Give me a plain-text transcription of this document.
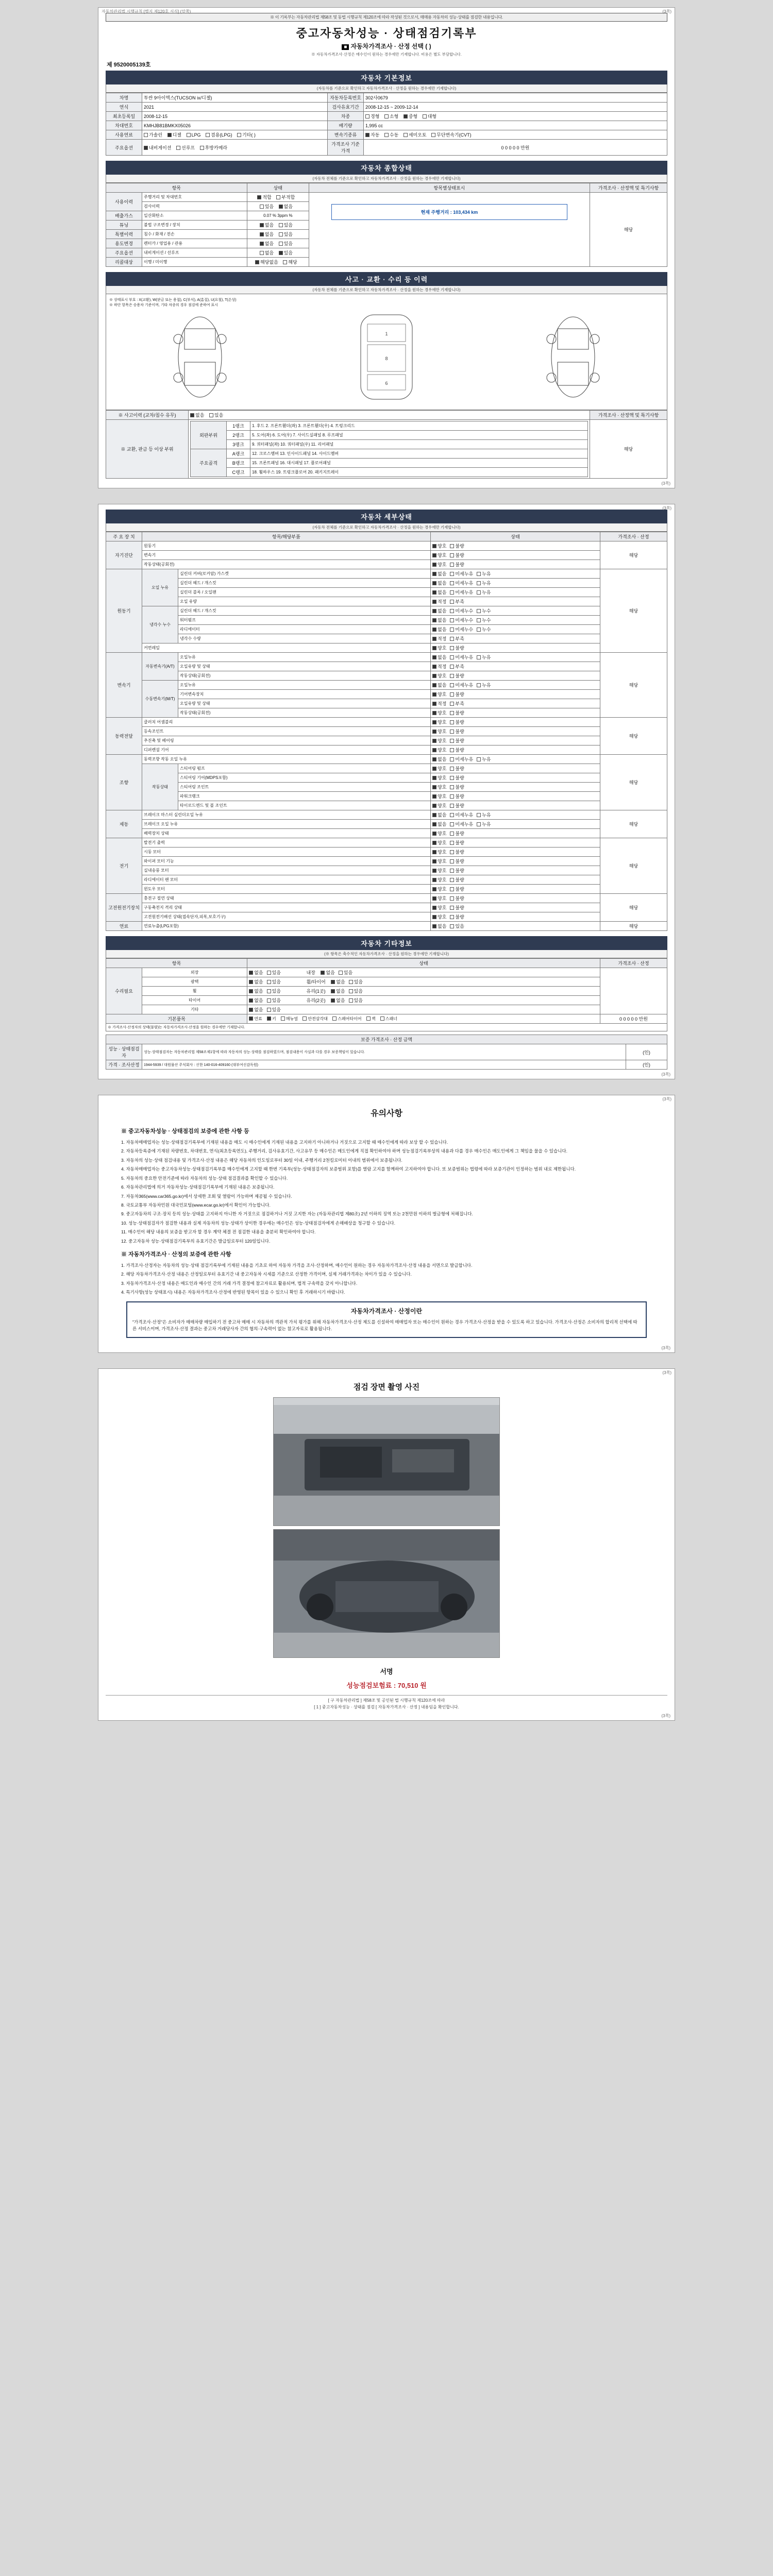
자동차관리법 시행규칙 [별지 제120호 서식] (앞쪽)	(3쪽)
※ 이 기록부는 자동차관리법 제58조 및 동법 시행규칙 제120조에 따라 작성된 것으로서, 매매용 자동차의 성능·상태를 점검한 내용입니다.
중고자동차성능 · 상태점검기록부
■ 자동차가격조사 · 산정 선택 ( )
※ 자동차가격조사·산정은 매수인이 원하는 경우에만 기재합니다. 비용은 별도 부담합니다.
제 9520005139호
자동차 기본정보
(자동차를 기준으로 확인하고 자동차가격조사 · 산정을 원하는 경우에만 기재합니다)
차명	투싼 9아이엑스(TUCSON ix/디젤)	자동차등록번호	302사0679
연식	2021	검사유효기간	2008-12-15 ~ 2009-12-14
최초등록일	2008-12-15	차종	경형 소형 중형 대형
차대번호	KMHJB81BMKX05026	배기량	1,995 cc
사용연료	가솔린 디젤 LPG 겸용(LPG) 기타( )	변속기종류	자동 수동 세미오토 무단변속기(CVT)
주요옵션	내비게이션 선루프 후방카메라	가격조사 기준가격	0 0 0 0 0 만원
자동차 종합상태
(자동차 전체를 기준으로 확인하고 자동차가격조사 · 산정을 원하는 경우에만 기재합니다)
항목		상태	항목별상태표시	가격조사 · 산정액 및 특기사항
사용이력	주행거리 및 차대번호	적합 부적합	현재 주행거리 : 103,434 km	해당
	검사이력	있음 없음		
배출가스	일산화탄소	0.07 % 3ppm %		
튜닝	불법 구조변경 / 장치	없음 있음		
특별이력	침수 / 화재 / 전손	없음 있음		
용도변경	렌터카 / 영업용 / 관용	없음 있음		
주요옵션	내비게이션 / 선루프	없음 있음		
리콜대상	이행 / 미이행	해당없음 해당		
사고 · 교환 · 수리 등 이력
(자동차 전체를 기준으로 확인하고 자동차가격조사 · 산정을 원하는 경우에만 기재합니다)
※ 상태표시 부호 : X(교환), W(판금 또는 용접), C(부식), A(흠집), U(요철), T(손상)
※ 하단 항목은 승용차 기준이며, 기타 차종의 경우 점검에 준하여 표시
1
8
6
※ 사고이력 (교차/침수 유무)	없음 있음	가격조사 · 산정액 및 특기사항
※ 교환, 판금 등 이상 부위	
외판부위	1랭크	1. 후드 2. 프론트휀더(좌) 3. 프론트휀더(우) 4. 트렁크리드
2랭크	5. 도어(좌) 6. 도어(우) 7. 사이드실패널 8. 루프패널
3랭크	9. 쿼터패널(좌) 10. 쿼터패널(우) 11. 리어패널
주요골격	A랭크	12. 크로스멤버 13. 인사이드패널 14. 사이드멤버
B랭크	15. 프론트패널 16. 대시패널 17. 플로어패널
C랭크	18. 휠하우스 19. 트렁크플로어 20. 패키지트레이
	해당
(3쪽)
(3쪽)
자동차 세부상태
(자동차 전체를 기준으로 확인하고 자동차가격조사 · 산정을 원하는 경우에만 기재합니다)
주 요 장 치	항목/해당부품		상태	가격조사 · 산정
자기진단	원동기		양호 불량	해당
	변속기		양호 불량	
	작동상태(공회전)		양호 불량	
원동기	오일 누유	실린더 커버(로커암) 가스켓	없음 미세누유 누유	해당
		실린더 헤드 / 개스킷	없음 미세누유 누유	
		실린더 블록 / 오일팬	없음 미세누유 누유	
		오일 유량	적정 부족	
	냉각수 누수	실린더 헤드 / 개스킷	없음 미세누수 누수	
		워터펌프	없음 미세누수 누수	
		라디에이터	없음 미세누수 누수	
		냉각수 수량	적정 부족	
	커먼레일		양호 불량	
변속기	자동변속기(A/T)	오일누유	없음 미세누유 누유	해당
		오일유량 및 상태	적정 부족	
		작동상태(공회전)	양호 불량	
	수동변속기(M/T)	오일누유	없음 미세누유 누유	
		기어변속장치	양호 불량	
		오일유량 및 상태	적정 부족	
		작동상태(공회전)	양호 불량	
동력전달	클러치 어셈블리		양호 불량	해당
	등속조인트		양호 불량	
	추진축 및 베어링		양호 불량	
	디퍼렌셜 기어		양호 불량	
조향	동력조향 작동 오일 누유		없음 미세누유 누유	해당
	작동상태	스티어링 펌프	양호 불량	
		스티어링 기어(MDPS포함)	양호 불량	
		스티어링 조인트	양호 불량	
		파워크랭크	양호 불량	
		타이로드엔드 및 볼 조인트	양호 불량	
제동	브레이크 마스터 실린더오일 누유		없음 미세누유 누유	해당
	브레이크 오일 누유		없음 미세누유 누유	
	배력장치 상태		양호 불량	
전기	발전기 출력		양호 불량	해당
	시동 모터		양호 불량	
	와이퍼 모터 기능		양호 불량	
	실내송풍 모터		양호 불량	
	라디에이터 팬 모터		양호 불량	
	윈도우 모터		양호 불량	
고전원전기장치	충전구 절연 상태		양호 불량	해당
	구동축전지 격리 상태		양호 불량	
	고전원전기배선 상태(접속단자,피복,보호기구)		양호 불량	
연료	연료누출(LPG포함)		없음 있음	해당
자동차 기타정보
(※ 항목은 축수적인 자동차가격조사 · 산정을 원하는 경우에만 기재합니다)
항목		상태	가격조사 · 산정
수리필요	외장	없음 있음 내장 없음 있음	
	광택	없음 있음 휠/타이어 없음 있음	
	휠	없음 있음 유리(1곳) 없음 있음	
	타이어	없음 있음 유리(2곳) 없음 있음	
	기타	없음 있음	
기본품목		연료 키 메뉴얼 안전삼각대 스페어타이어 잭 스패너	0 0 0 0 0 만원
※ 가격조사·산정자의 상태(불량)는 자동차가격조사·산정을 원하는 경우에만 기재합니다.			
보증 가격조사 · 산정 금액		
성능 · 상태점검자	성능·상태점검자는 자동차관리법 제58조제1항에 따라 자동차의 성능·상태를 점검하였으며, 점검내용이 사실과 다를 경우 보증책임이 있습니다.	(인)
가격 · 조사산정	1944-5939 / 대원물산 주식회사 : 신한 140-016-409160 (대부여신감독원)	(인)
(3쪽)
(3쪽)
유의사항
※ 중고자동차성능 · 상태점검의 보증에 관한 사항 등

1. 자동차매매업자는 성능·상태점검기록부에 기재된 내용을 매도 시 매수인에게 기재된 내용을 고지하기 아니하거나 거짓으로 고지할 때 매수인에게 따라 보상 할 수 있습니다.

2. 자동차등록증에 기재된 차량번호, 차대번호, 연식(최초등록연도), 주행거리, 검사유효기간, 사고유무 등 매수인은 매도인에게 직접 확인하여야 하며 성능점검기록부상의 내용과 다를 경우 매수인은 매도인에게 그 책임을 물을 수 있습니다.

3. 자동차의 성능·상태 점검내용 및 가격조사·산정 내용은 해당 자동차의 인도일로부터 30일 이내, 주행거리 2천킬로미터 이내의 범위에서 보증됩니다.

4. 자동차매매업자는 중고자동차성능·상태점검기록부를 매수인에게 고지할 때 한번 기록부(성능·상태점검자의 보증범위 포함)를 열람 고지를 함께하여 고지하여야 합니다. 또 보증범위는 법령에 따라 보증기관이 인정하는 범위 내로 제한됩니다.

5. 자동차의 중요한 안전기준에 따라 자동차의 성능·상태 점검결과를 확인할 수 있습니다.

6. 자동차관리법에 의거 자동차성능·상태점검기록부에 기재된 내용은 보증됩니다.

7. 자동차365(www.car365.go.kr)에서 상세한 조회 및 열람이 가능하며 제공될 수 있습니다.

8. 국토교통부 자동차민원 대국민포털(www.ecar.go.kr)에서 확인이 가능합니다.

9. 중고자동차의 구조·장치 등의 성능·상태를 고지하지 아니한 자 거짓으로 점검하거나 거짓 고지한 자는 (자동차관리법 제80조) 2년 이하의 징역 또는 2천만원 이하의 벌금형에 처해집니다.

10. 성능·상태점검자가 점검한 내용과 실제 자동차의 성능·상태가 상이한 경우에는 매수인은 성능·상태점검자에게 손해배상을 청구할 수 있습니다.

11. 매수인이 해당 내용의 보증을 받고자 할 경우 계약 체결 전 점검한 내용을 충분히 확인하여야 합니다.

12. 중고자동차 성능·상태점검기록부의 유효기간은 발급일로부터 120일입니다.

※ 자동차가격조사 · 산정의 보증에 관한 사항

1. 가격조사·산정자는 자동차의 성능·상태 점검기록부에 기재된 내용을 기초로 하여 자동차 가격을 조사·산정하며, 매수인이 원하는 경우 자동차가격조사·산정 내용을 서면으로 발급합니다.

2. 해당 자동차가격조사·산정 내용은 산정일로부터 유효기간 내 중고자동차 시세를 기준으로 산정한 가격이며, 실제 거래가격과는 차이가 있을 수 있습니다.

3. 자동차가격조사·산정 내용은 매도인과 매수인 간의 거래 가격 결정에 참고자료로 활용되며, 법적 구속력을 갖지 아니합니다.

4. 특기사항(성능 상태표시) 내용은 자동차가격조사·산정에 반영된 항목이 있을 수 있으니 확인 후 거래하시기 바랍니다.

자동차가격조사 · 산정이란
"가격조사·산정"은 소비자가 매매차량 매입하기 전 중고차 매매 시 자동차의 객관적 가치 평가를 위해 자동차가격조사·산정 제도를 신설하여 매매업자 또는 매수인이 원하는 경우 가격조사·산정을 받을 수 있도록 하고 있습니다. 가격조사·산정은 소비자의 합리적 선택에 따른 서비스이며, 가격조사·산정 결과는 중고차 거래당사자 간의 협의·구속력이 없는 참고자료로 활용됩니다.
(3쪽)
(3쪽)
점검 장면 촬영 사진
서명
성능점검보험료 : 70,510 원
[ 구 자동차관리법 ] 제58조 및 공인된 법 시행규칙 제120조에 따라
[ 1 ] 중고자동차성능 · 상태를 점검 [ 자동차가격조사 · 산정 ] 내용임을 확인합니다.
(3쪽)
